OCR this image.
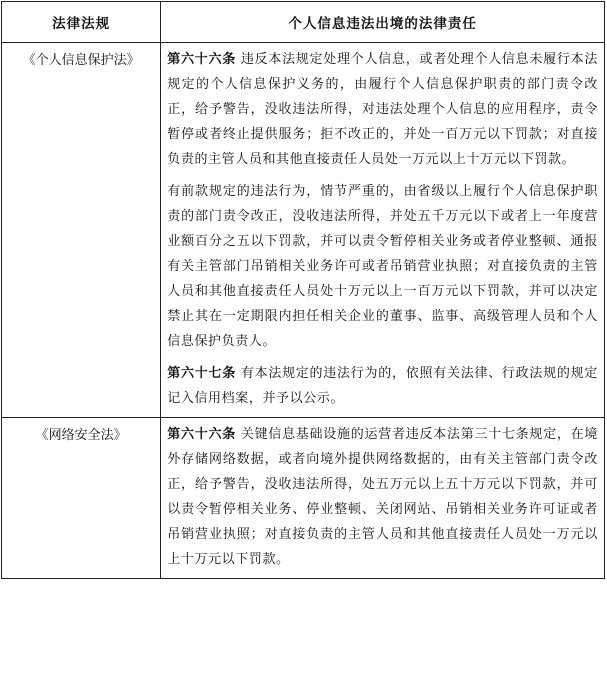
法律法规	个人信息违法出境的法律责任
《个人信息保护法》	第六十六条 违反本法规定处理个人信息，或者处理个人信息未履行本法规定的个人信息保护义务的，由履行个人信息保护职责的部门责令改正，给予警告，没收违法所得，对违法处理个人信息的应用程序，责令暂停或者终止提供服务；拒不改正的，并处一百万元以下罚款；对直接负责的主管人员和其他直接责任人员处一万元以上十万元以下罚款。

有前款规定的违法行为，情节严重的，由省级以上履行个人信息保护职责的部门责令改正，没收违法所得，并处五千万元以下或者上一年度营业额百分之五以下罚款，并可以责令暂停相关业务或者停业整顿、通报有关主管部门吊销相关业务许可或者吊销营业执照；对直接负责的主管人员和其他直接责任人员处十万元以上一百万元以下罚款，并可以决定禁止其在一定期限内担任相关企业的董事、监事、高级管理人员和个人信息保护负责人。

第六十七条 有本法规定的违法行为的，依照有关法律、行政法规的规定记入信用档案，并予以公示。

《网络安全法》	第六十六条 关键信息基础设施的运营者违反本法第三十七条规定，在境外存储网络数据，或者向境外提供网络数据的，由有关主管部门责令改正，给予警告，没收违法所得，处五万元以上五十万元以下罚款，并可以责令暂停相关业务、停业整顿、关闭网站、吊销相关业务许可证或者吊销营业执照；对直接负责的主管人员和其他直接责任人员处一万元以上十万元以下罚款。
